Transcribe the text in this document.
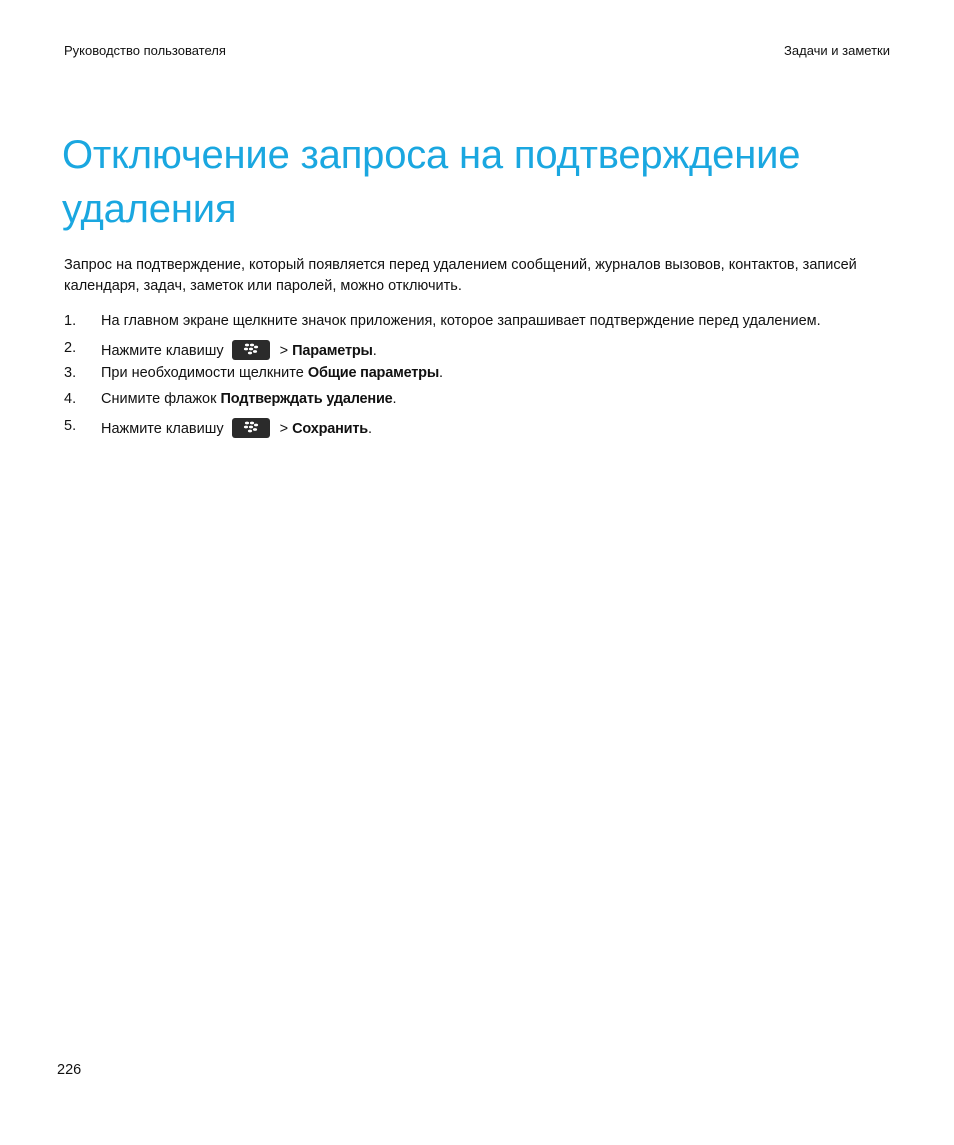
Руководство пользователя	Задачи и заметки
Отключение запроса на подтверждение удаления

Запрос на подтверждение, который появляется перед удалением сообщений, журналов вызовов, контактов, записей календаря, задач, заметок или паролей, можно отключить.

1. На главном экране щелкните значок приложения, которое запрашивает подтверждение перед удалением.
2. Нажмите клавишу	> Параметры.
3. При необходимости щелкните Общие параметры.
4. Снимите флажок Подтверждать удаление.
5. Нажмите клавишу	> Сохранить.
226
